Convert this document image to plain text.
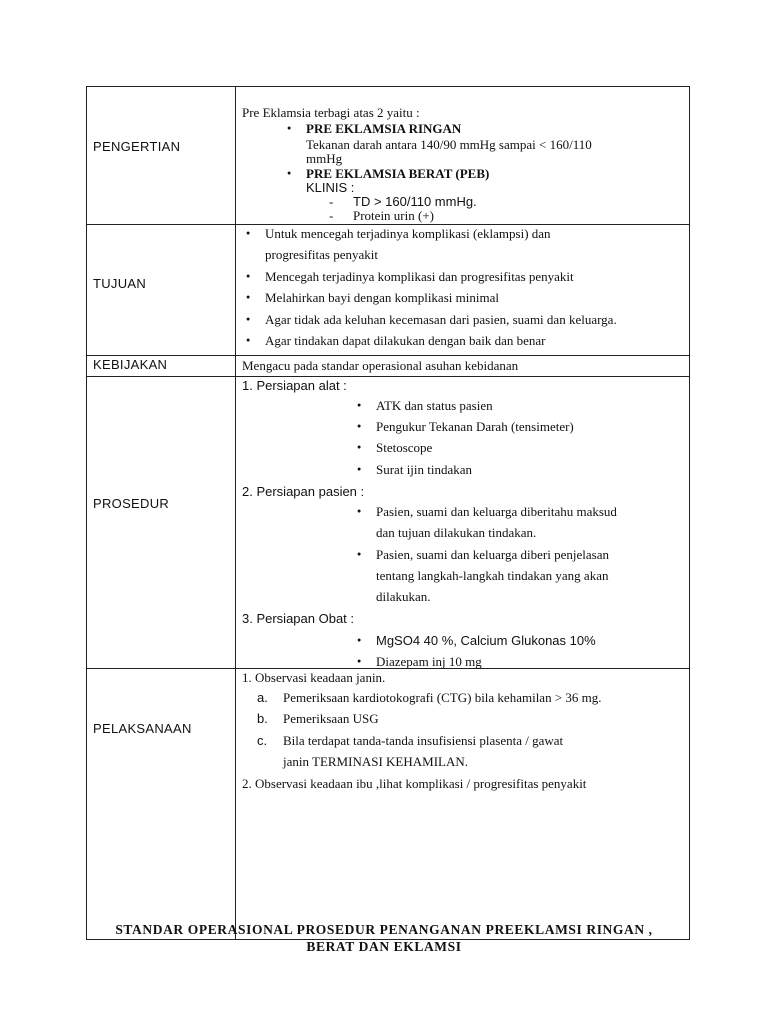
PENGERTIAN
Pre Eklamsia terbagi atas 2 yaitu :
● PRE EKLAMSIA RINGAN
Tekanan darah antara 140/90 mmHg sampai < 160/110
mmHg
● PRE EKLAMSIA BERAT (PEB)
KLINIS :
- TD > 160/110 mmHg.
- Protein urin (+)
TUJUAN
● Untuk mencegah terjadinya komplikasi (eklampsi) dan
progresifitas penyakit
● Mencegah terjadinya komplikasi dan progresifitas penyakit
● Melahirkan bayi dengan komplikasi minimal
● Agar tidak ada keluhan kecemasan dari pasien, suami dan keluarga.
● Agar tindakan dapat dilakukan dengan baik dan benar
KEBIJAKAN	Mengacu pada standar operasional asuhan kebidanan
PROSEDUR
1. Persiapan alat :
● ATK dan status pasien
● Pengukur Tekanan Darah (tensimeter)
● Stetoscope
● Surat ijin tindakan
2. Persiapan pasien :
● Pasien, suami dan keluarga diberitahu maksud
dan tujuan dilakukan tindakan.
● Pasien, suami dan keluarga diberi penjelasan
tentang langkah-langkah tindakan yang akan
dilakukan.
3. Persiapan Obat :
● MgSO4 40 %, Calcium Glukonas 10%
● Diazepam inj 10 mg
PELAKSANAAN
1. Observasi keadaan janin.
a. Pemeriksaan kardiotokografi (CTG) bila kehamilan > 36 mg.
b. Pemeriksaan USG
c. Bila terdapat tanda-tanda insufisiensi plasenta / gawat
janin TERMINASI KEHAMILAN.
2. Observasi keadaan ibu ,lihat komplikasi / progresifitas penyakit
STANDAR OPERASIONAL PROSEDUR PENANGANAN PREEKLAMSI RINGAN ,
BERAT DAN EKLAMSI
